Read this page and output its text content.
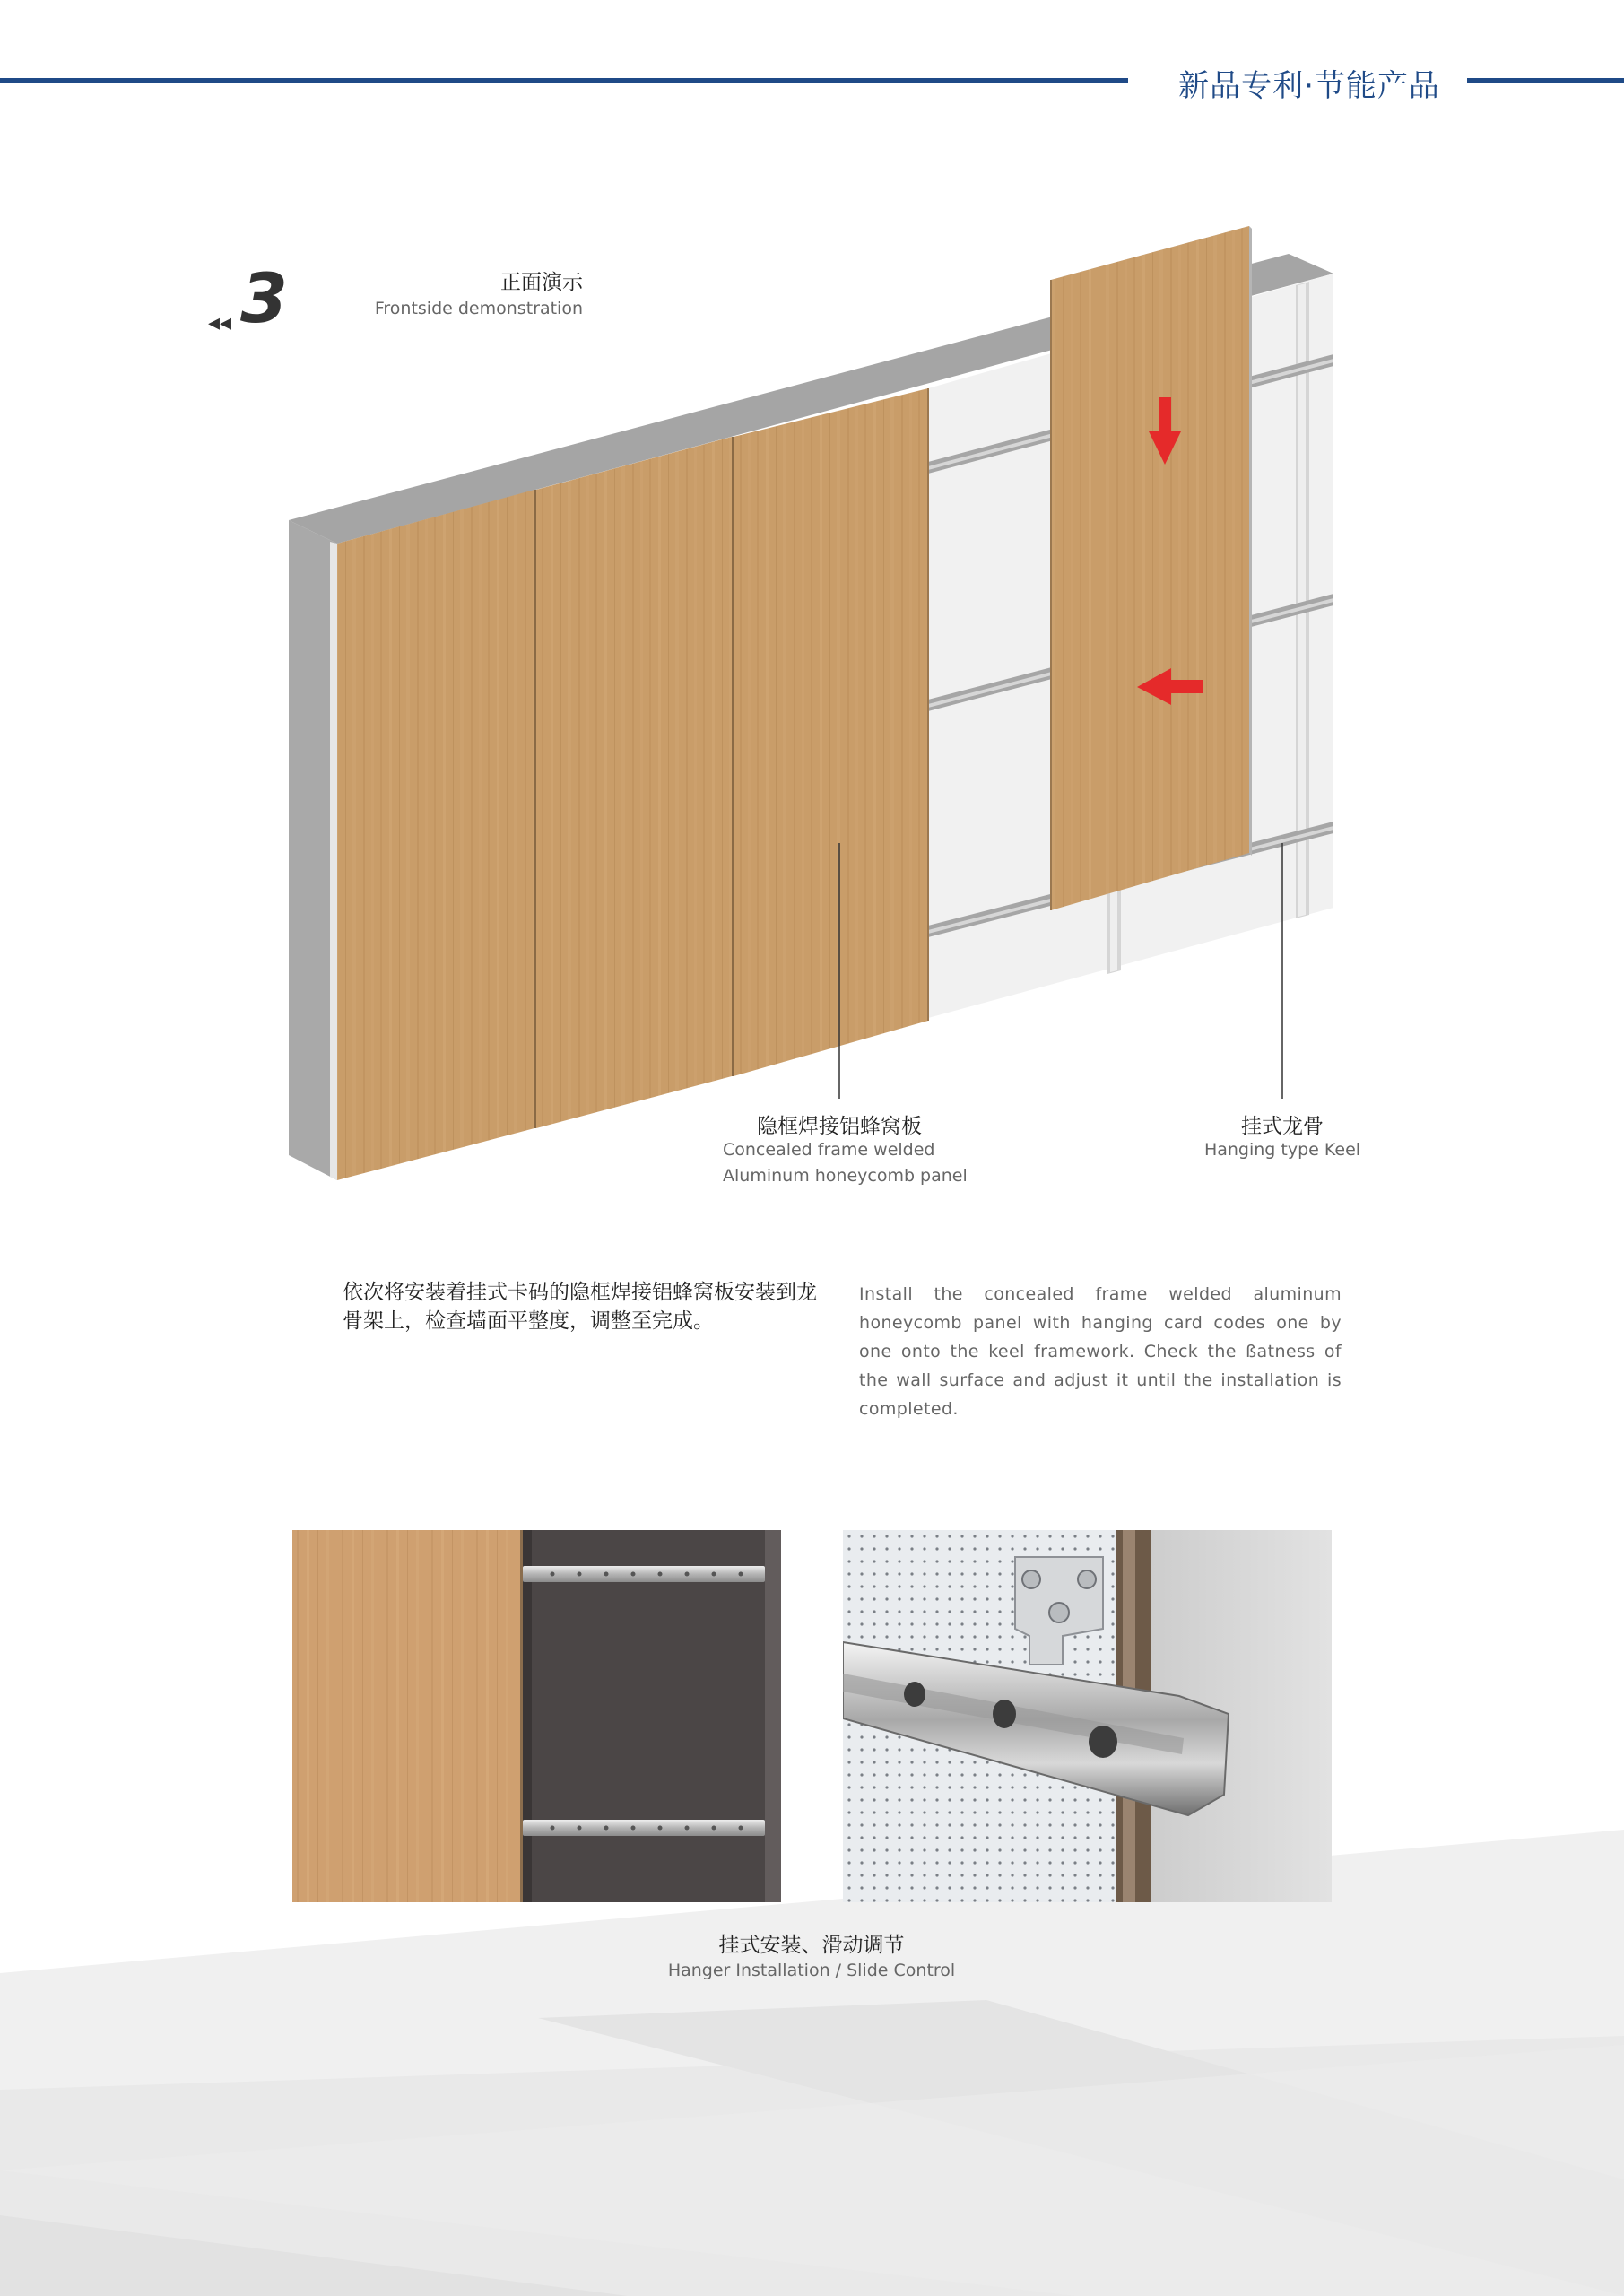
新品专利·节能产品
◂◂ 3	正面演示
Frontside demonstration
隐框焊接铝蜂窝板
Concealed frame welded
Aluminum honeycomb panel
挂式龙骨
Hanging type Keel
依次将安装着挂式卡码的隐框焊接铝蜂窝板安装到龙骨架上，检查墙面平整度，调整至完成。
Install the concealed frame welded aluminum honeycomb panel with hanging card codes one by one onto the keel framework. Check the ßatness of the wall surface and adjust it until the installation is completed.
挂式安装、滑动调节
Hanger Installation / Slide Control
